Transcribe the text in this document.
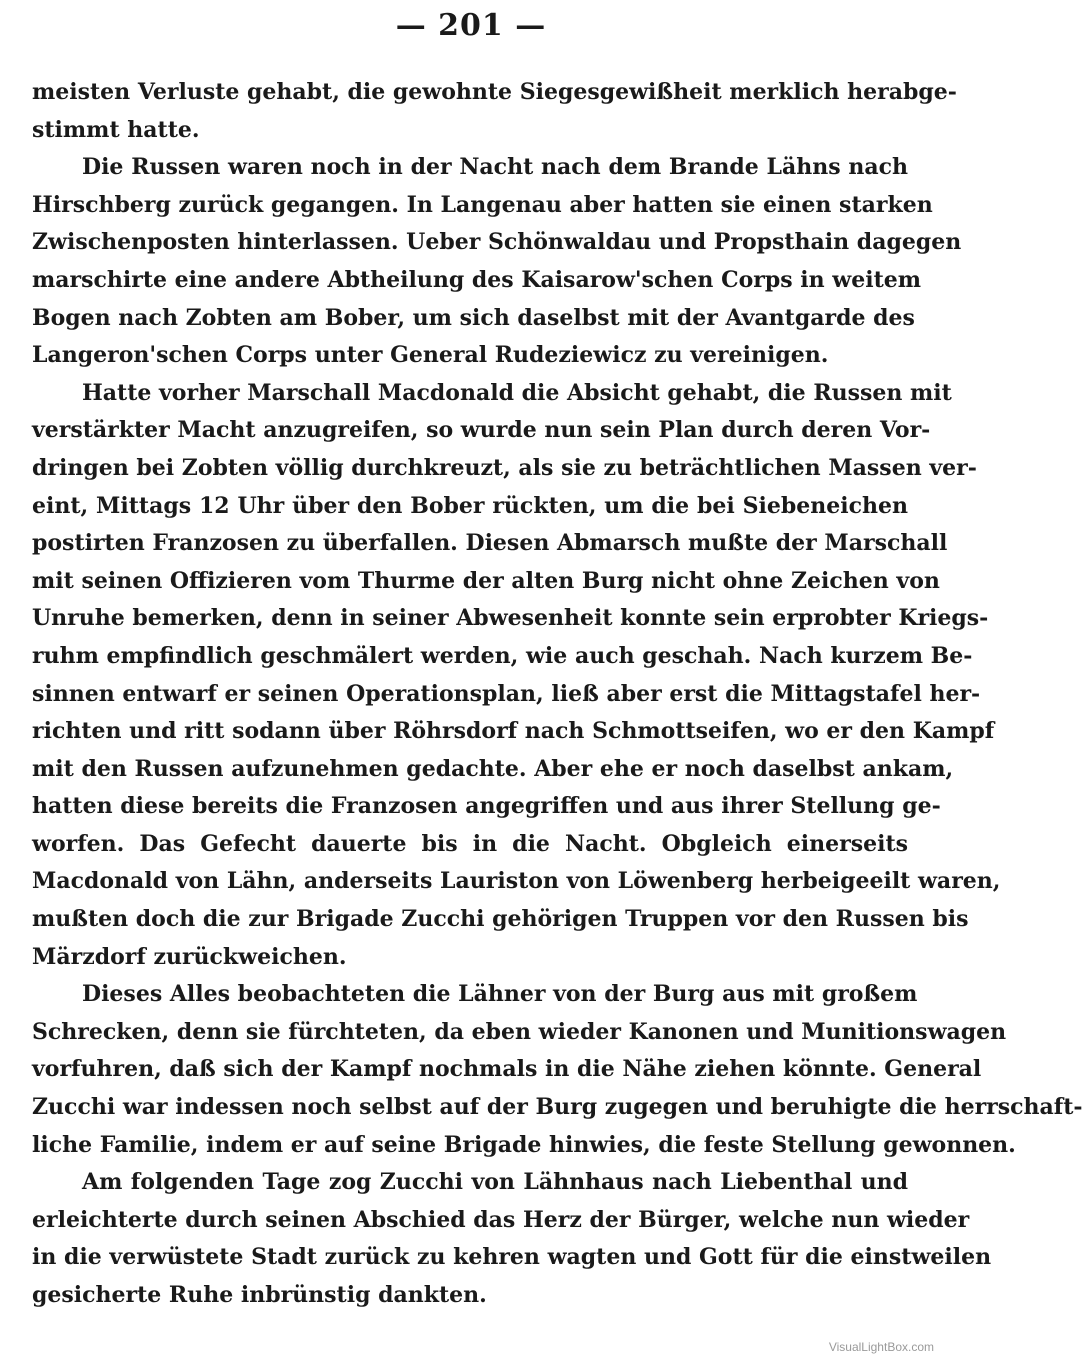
— 201 —
meisten Verluste gehabt, die gewohnte Siegesgewißheit merklich herabge-
stimmt hatte.
Die Russen waren noch in der Nacht nach dem Brande Lähns nach
Hirschberg zurück gegangen. In Langenau aber hatten sie einen starken
Zwischenposten hinterlassen. Ueber Schönwaldau und Propsthain dagegen
marschirte eine andere Abtheilung des Kaisarow'schen Corps in weitem
Bogen nach Zobten am Bober, um sich daselbst mit der Avantgarde des
Langeron'schen Corps unter General Rudeziewicz zu vereinigen.
Hatte vorher Marschall Macdonald die Absicht gehabt, die Russen mit
verstärkter Macht anzugreifen, so wurde nun sein Plan durch deren Vor-
dringen bei Zobten völlig durchkreuzt, als sie zu beträchtlichen Massen ver-
eint, Mittags 12 Uhr über den Bober rückten, um die bei Siebeneichen
postirten Franzosen zu überfallen. Diesen Abmarsch mußte der Marschall
mit seinen Offizieren vom Thurme der alten Burg nicht ohne Zeichen von
Unruhe bemerken, denn in seiner Abwesenheit konnte sein erprobter Kriegs-
ruhm empfindlich geschmälert werden, wie auch geschah. Nach kurzem Be-
sinnen entwarf er seinen Operationsplan, ließ aber erst die Mittagstafel her-
richten und ritt sodann über Röhrsdorf nach Schmottseifen, wo er den Kampf
mit den Russen aufzunehmen gedachte. Aber ehe er noch daselbst ankam,
hatten diese bereits die Franzosen angegriffen und aus ihrer Stellung ge-
worfen. Das Gefecht dauerte bis in die Nacht. Obgleich einerseits
Macdonald von Lähn, anderseits Lauriston von Löwenberg herbeigeeilt waren,
mußten doch die zur Brigade Zucchi gehörigen Truppen vor den Russen bis
Märzdorf zurückweichen.
Dieses Alles beobachteten die Lähner von der Burg aus mit großem
Schrecken, denn sie fürchteten, da eben wieder Kanonen und Munitionswagen
vorfuhren, daß sich der Kampf nochmals in die Nähe ziehen könnte. General
Zucchi war indessen noch selbst auf der Burg zugegen und beruhigte die herrschaft-
liche Familie, indem er auf seine Brigade hinwies, die feste Stellung gewonnen.
Am folgenden Tage zog Zucchi von Lähnhaus nach Liebenthal und
erleichterte durch seinen Abschied das Herz der Bürger, welche nun wieder
in die verwüstete Stadt zurück zu kehren wagten und Gott für die einstweilen
gesicherte Ruhe inbrünstig dankten.
VisualLightBox.com
